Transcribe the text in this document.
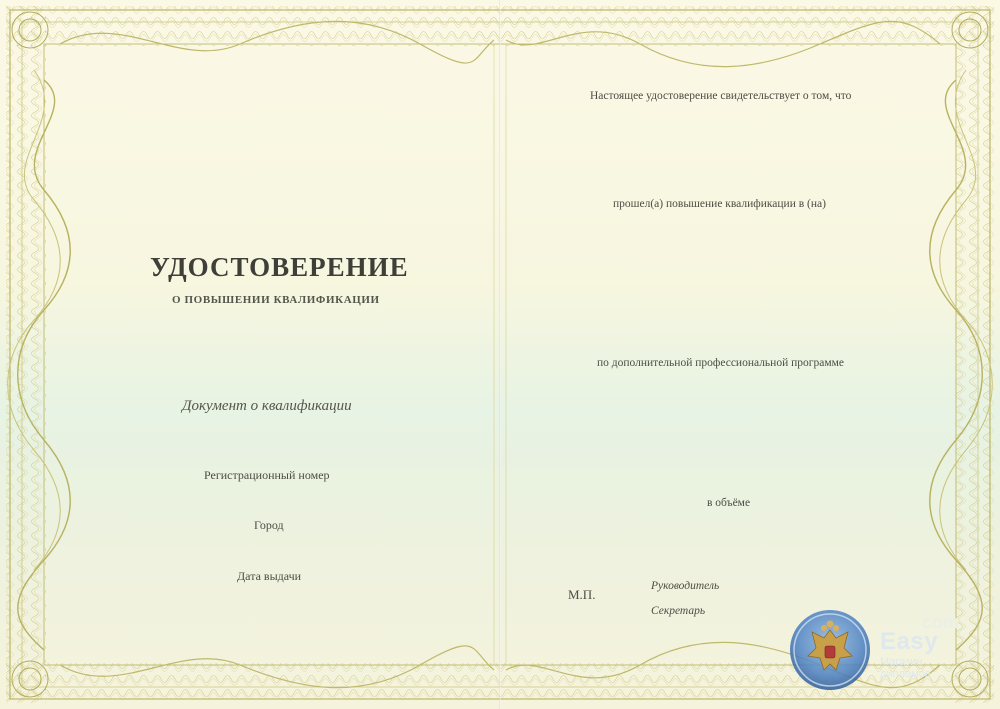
УДОСТОВЕРЕНИЕ
О ПОВЫШЕНИИ КВАЛИФИКАЦИИ
Документ о квалификации
Регистрационный номер
Город
Дата выдачи
Настоящее удостоверение свидетельствует о том, что
прошел(а) повышение квалификации в (на)
по дополнительной профессиональной программе
в объёме
М.П.
Руководитель
Секретарь
com
Easy
Магазин
дипломов
